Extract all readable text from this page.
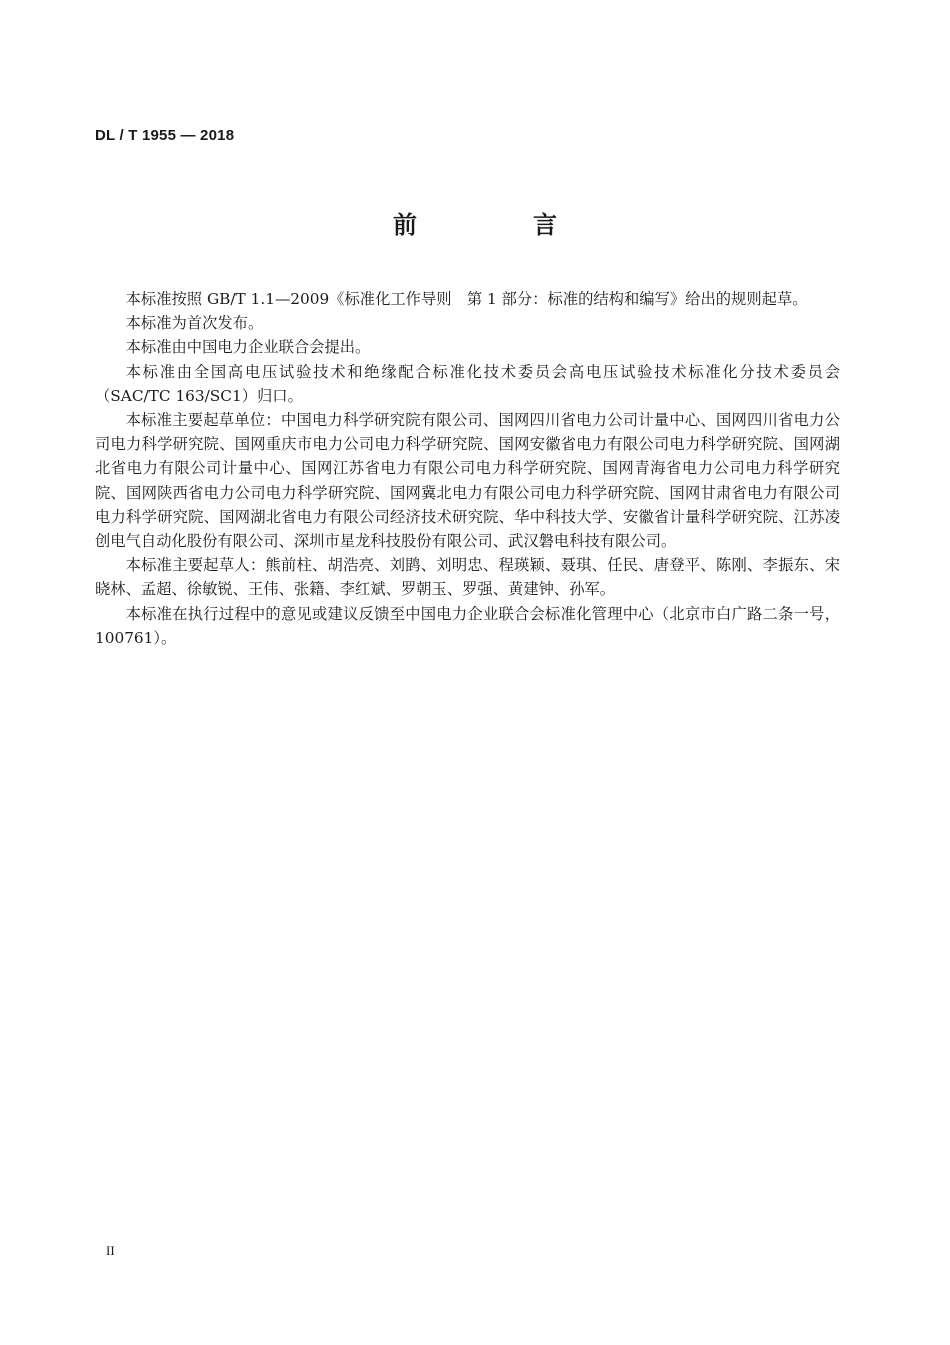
DL / T 1955 — 2018
前　言

本标准按照 GB/T 1.1—2009《标准化工作导则　第 1 部分：标准的结构和编写》给出的规则起草。

本标准为首次发布。

本标准由中国电力企业联合会提出。

本标准由全国高电压试验技术和绝缘配合标准化技术委员会高电压试验技术标准化分技术委员会（SAC/TC 163/SC1）归口。

本标准主要起草单位：中国电力科学研究院有限公司、国网四川省电力公司计量中心、国网四川省电力公司电力科学研究院、国网重庆市电力公司电力科学研究院、国网安徽省电力有限公司电力科学研究院、国网湖北省电力有限公司计量中心、国网江苏省电力有限公司电力科学研究院、国网青海省电力公司电力科学研究院、国网陕西省电力公司电力科学研究院、国网冀北电力有限公司电力科学研究院、国网甘肃省电力有限公司电力科学研究院、国网湖北省电力有限公司经济技术研究院、华中科技大学、安徽省计量科学研究院、江苏凌创电气自动化股份有限公司、深圳市星龙科技股份有限公司、武汉磐电科技有限公司。

本标准主要起草人：熊前柱、胡浩亮、刘鹍、刘明忠、程瑛颖、聂琪、任民、唐登平、陈刚、李振东、宋晓林、孟超、徐敏锐、王伟、张籍、李红斌、罗朝玉、罗强、黄建钟、孙军。

本标准在执行过程中的意见或建议反馈至中国电力企业联合会标准化管理中心（北京市白广路二条一号，100761）。

II
